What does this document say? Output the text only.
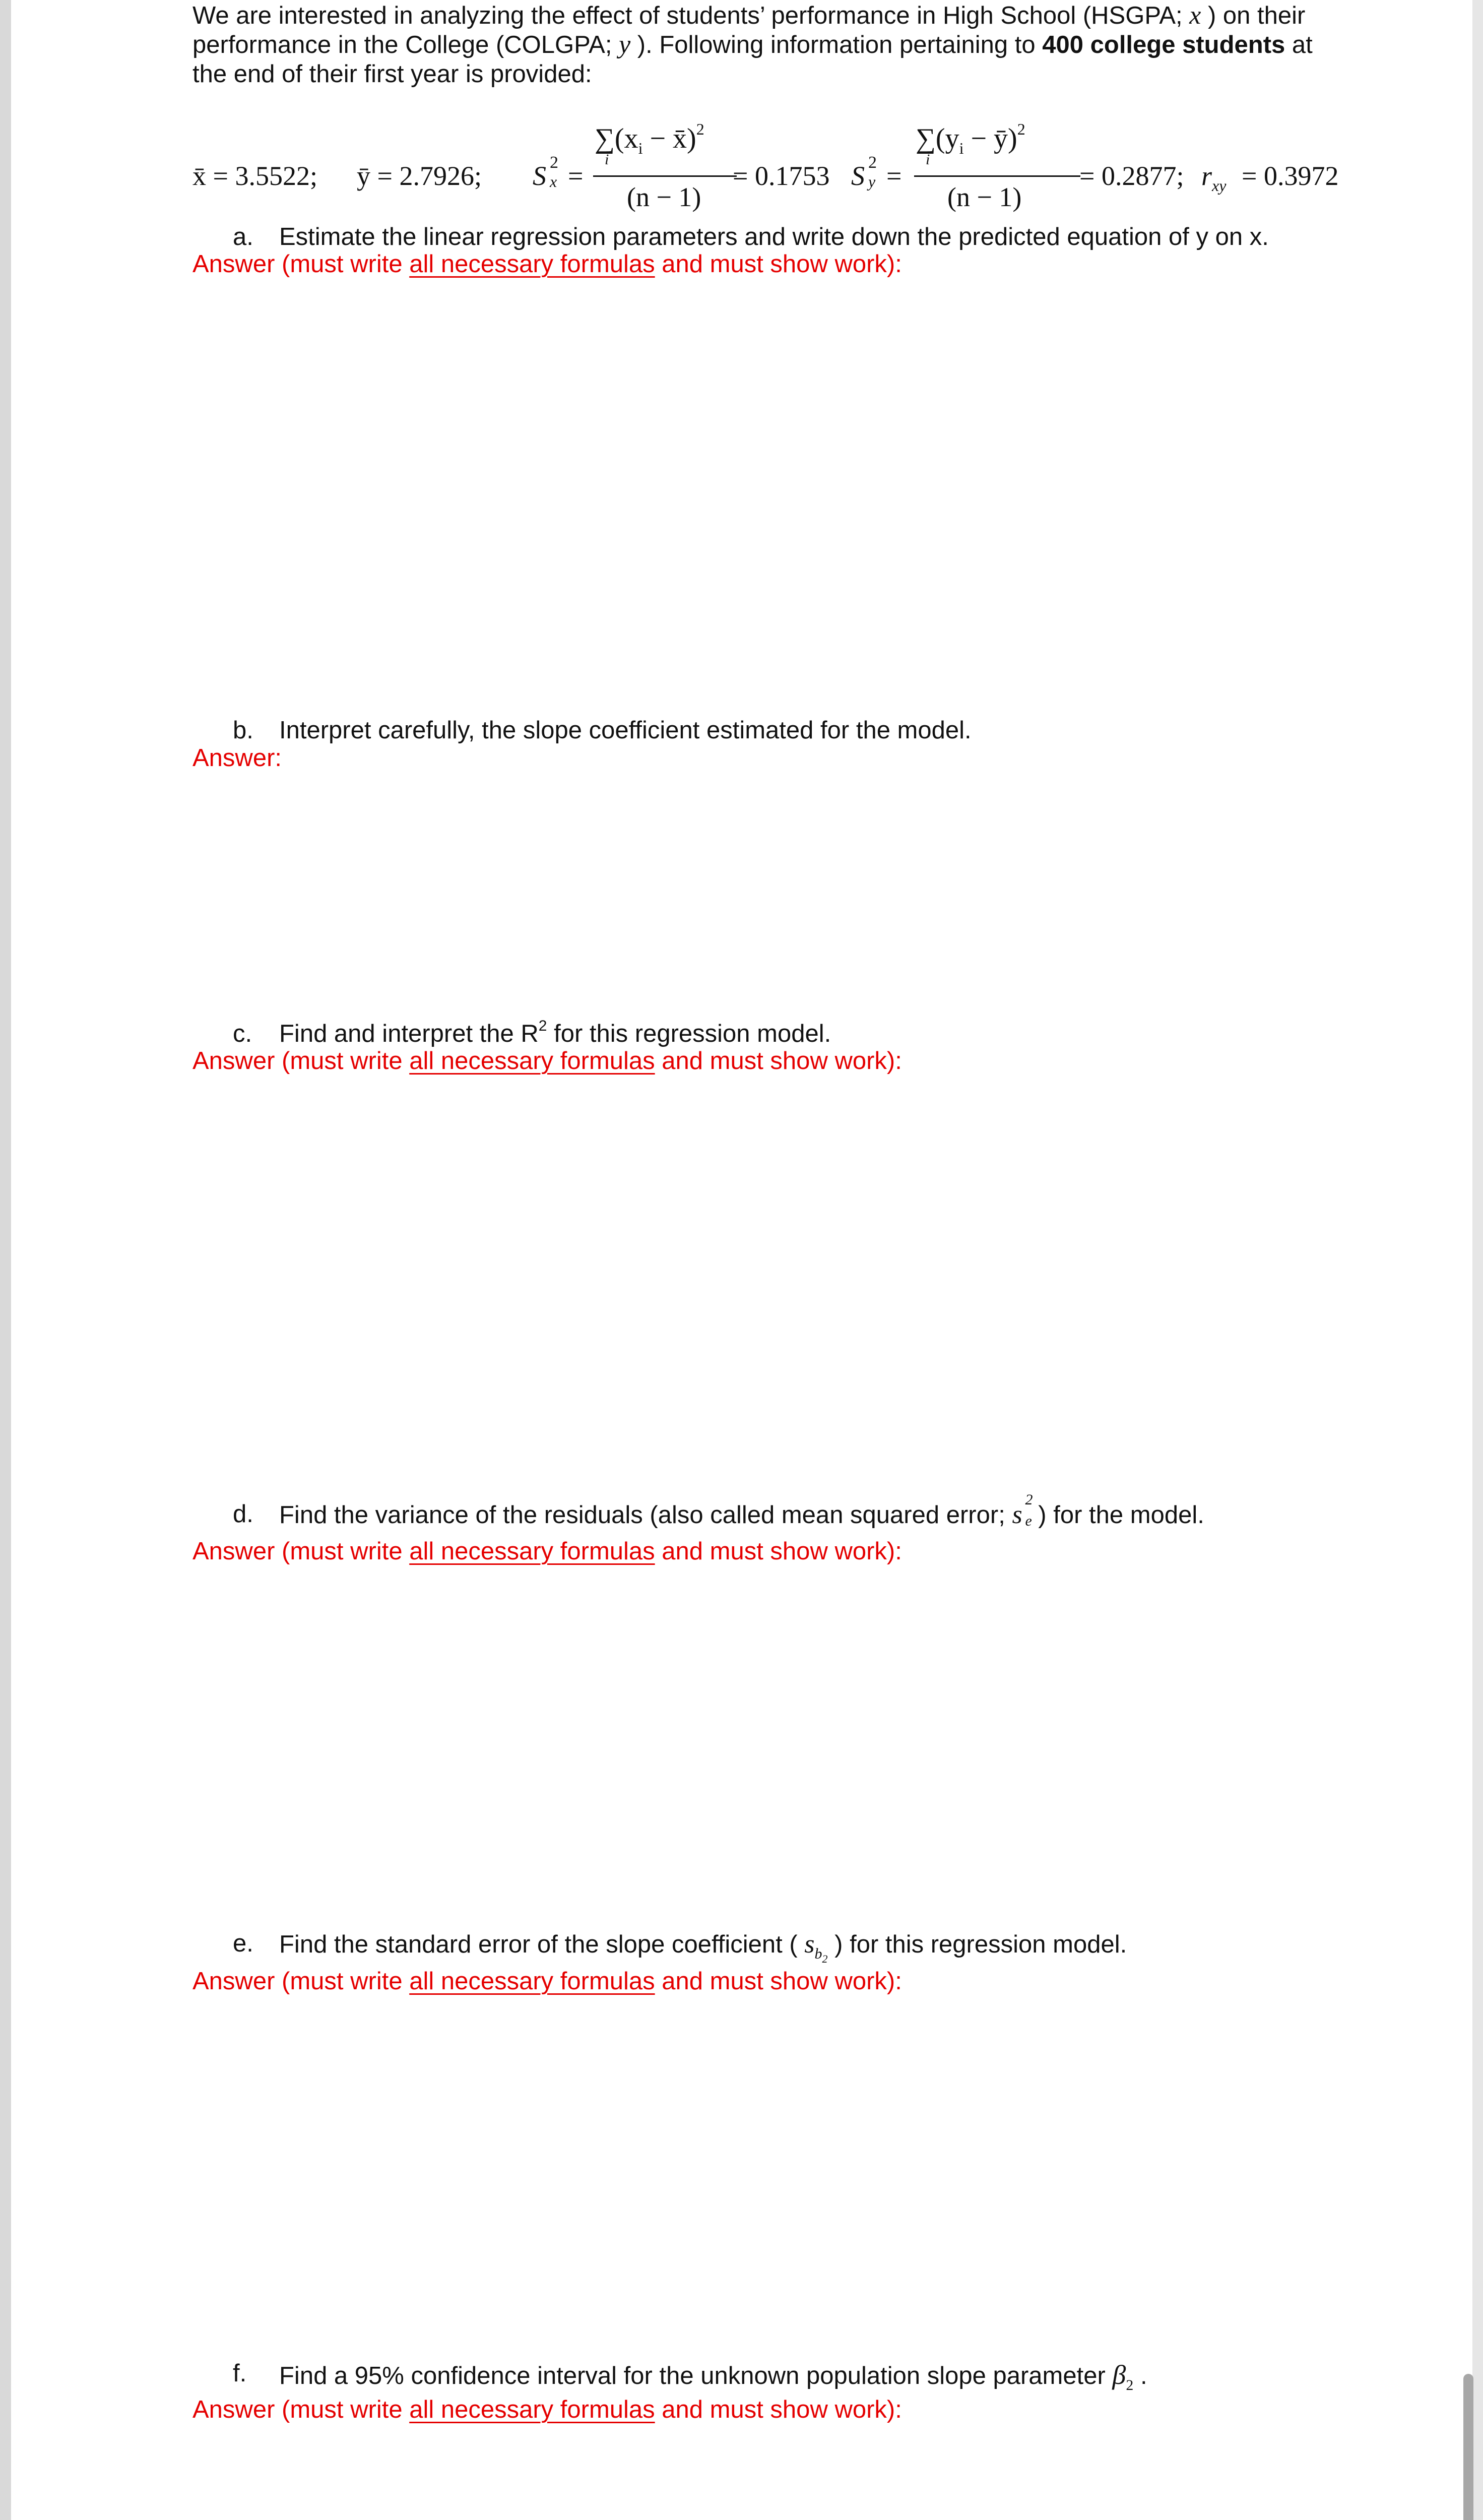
We are interested in analyzing the effect of students’ performance in High School (HSGPA; x ) on their performance in the College (COLGPA; y ). Following information pertaining to 400 college students at the end of their first year is provided:
x̄ = 3.5522; ȳ = 2.7926; S 2
x =
$\sum(x_i$ − x̄)$^2$
i
(n − 1)
= 0.1753 S 2
y =
$\sum(y_i$ − ȳ)$^2$
i
(n − 1)
= 0.2877; $r_{xy} = 0.3972$
a. Estimate the linear regression parameters and write down the predicted equation of y on x.
Answer (must write all necessary formulas and must show work):
b. Interpret carefully, the slope coefficient estimated for the model.
Answer:
c. Find and interpret the $R^2$ for this regression model.
Answer (must write all necessary formulas and must show work):
d. Find the variance of the residuals (also called mean squared error; s
2
e
) for the model.
Answer (must write all necessary formulas and must show work):
e. Find the standard error of the slope coefficient ( $s_{b2}$ ) for this regression model.
Answer (must write all necessary formulas and must show work):
f. Find a 95% confidence interval for the unknown population slope parameter $\beta_2$ .
Answer (must write all necessary formulas and must show work):
